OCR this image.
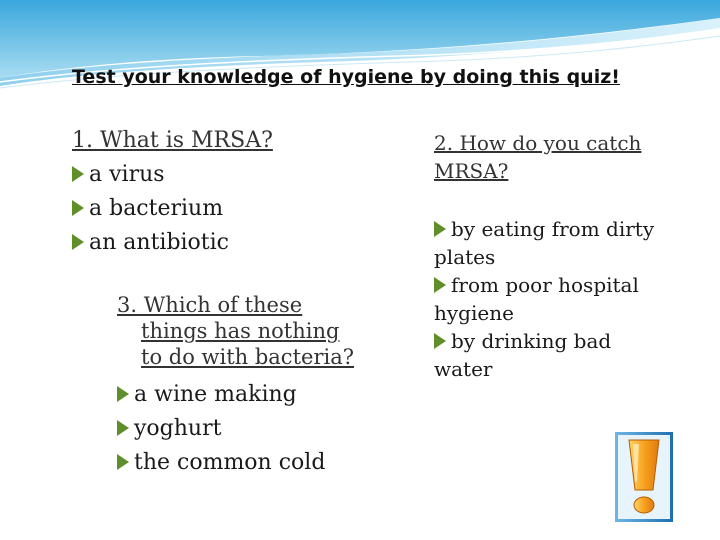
Test your knowledge of hygiene by doing this quiz!
1. What is MRSA?
a virus
a bacterium
an antibiotic
3. Which of these
things has nothing
to do with bacteria?
a wine making
yoghurt
the common cold
2. How do you catch
MRSA?
by eating from dirty
plates
from poor hospital
hygiene
by drinking bad
water
